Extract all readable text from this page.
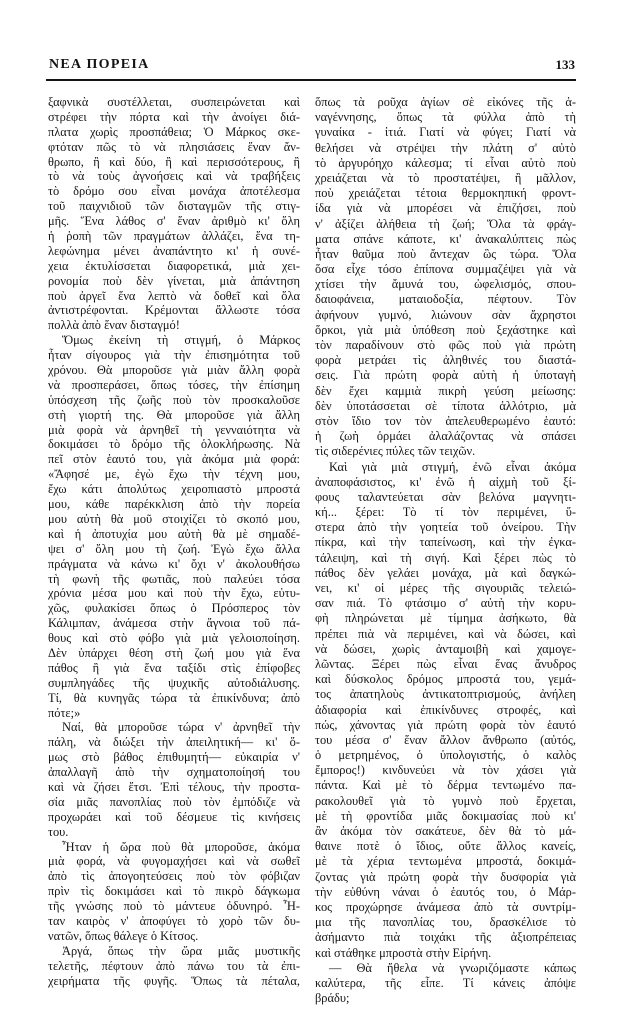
ΝΕΑ ΠΟΡΕΙΑ	133
ξαφνικὰ συστέλλεται, συσπειρώνεται καὶ
στρέφει τὴν πόρτα καὶ τὴν ἀνοίγει διά-
πλατα χωρὶς προσπάθεια; Ὁ Μάρκος σκε-
φτόταν πῶς τὸ νὰ πλησιάσεις ἕναν ἄν-
θρωπο, ἢ καὶ δύο, ἢ καὶ περισσότερους, ἢ
τὸ νὰ τοὺς ἀγνοήσεις καὶ νὰ τραβήξεις
τὸ δρόμο σου εἶναι μονάχα ἀποτέλεσμα
τοῦ παιχνιδιοῦ τῶν δισταγμῶν τῆς στιγ-
μῆς. Ἕνα λάθος σ' ἕναν ἀριθμὸ κι' ὅλη
ἡ ῥοπὴ τῶν πραγμάτων ἀλλάζει, ἕνα τη-
λεφώνημα μένει ἀναπάντητο κι' ἡ συνέ-
χεια ἐκτυλίσσεται διαφορετικά, μιὰ χει-
ρονομία ποὺ δὲν γίνεται, μιὰ ἀπάντηση
ποὺ ἀργεῖ ἕνα λεπτὸ νὰ δοθεῖ καὶ ὅλα
ἀντιστρέφονται. Κρέμονται ἄλλωστε τόσα
πολλὰ ἀπὸ ἕναν δισταγμό!
Ὅμως ἐκείνη τὴ στιγμή, ὁ Μάρκος
ἦταν σίγουρος γιὰ τὴν ἐπισημότητα τοῦ
χρόνου. Θὰ μποροῦσε γιὰ μιὰν ἄλλη φορὰ
νὰ προσπεράσει, ὅπως τόσες, τὴν ἐπίσημη
ὑπόσχεση τῆς ζωῆς ποὺ τὸν προσκαλοῦσε
στὴ γιορτή της. Θὰ μποροῦσε γιὰ ἄλλη
μιὰ φορὰ νὰ ἀρνηθεῖ τὴ γενναιότητα νὰ
δοκιμάσει τὸ δρόμο τῆς ὁλοκλήρωσης. Νὰ
πεῖ στὸν ἑαυτό του, γιὰ ἀκόμα μιὰ φορά:
«Ἄφησέ με, ἐγὼ ἔχω τὴν τέχνη μου,
ἔχω κάτι ἀπολύτως χειροπιαστὸ μπροστά
μου, κάθε παρέκκλιση ἀπὸ τὴν πορεία
μου αὐτὴ θὰ μοῦ στοιχίζει τὸ σκοπό μου,
καὶ ἡ ἀποτυχία μου αὐτὴ θὰ μὲ σημαδέ-
ψει σ' ὅλη μου τὴ ζωή. Ἐγὼ ἔχω ἄλλα
πράγματα νὰ κάνω κι' ὄχι ν' ἀκολουθήσω
τὴ φωνὴ τῆς φωτιᾶς, ποὺ παλεύει τόσα
χρόνια μέσα μου καὶ ποὺ τὴν ἔχω, εὐτυ-
χῶς, φυλακίσει ὅπως ὁ Πρόσπερος τὸν
Κάλιμπαν, ἀνάμεσα στὴν ἄγνοια τοῦ πά-
θους καὶ στὸ φόβο γιὰ μιὰ γελοιοποίηση.
Δὲν ὑπάρχει θέση στὴ ζωή μου γιὰ ἕνα
πάθος ἢ γιὰ ἕνα ταξίδι στὶς ἐπίφοβες
συμπληγάδες τῆς ψυχικῆς αὐτοδιάλυσης.
Τί, θὰ κυνηγᾶς τώρα τὰ ἐπικίνδυνα; ἀπὸ
πότε;»
Ναί, θὰ μποροῦσε τώρα ν' ἀρνηθεῖ τὴν
πάλη, νὰ διώξει τὴν ἀπειλητική— κι' ὅ-
μως στὸ βάθος ἐπιθυμητή— εὐκαιρία ν'
ἀπαλλαγῆ ἀπὸ τὴν σχηματοποίησή του
καὶ νὰ ζήσει ἔτσι. Ἐπὶ τέλους, τὴν προστα-
σία μιᾶς πανοπλίας ποὺ τὸν ἐμπόδιζε νὰ
προχωράει καὶ τοῦ δέσμευε τὶς κινήσεις
του.
Ἦταν ἡ ὥρα ποὺ θὰ μποροῦσε, ἀκόμα
μιὰ φορά, νὰ φυγομαχήσει καὶ νὰ σωθεῖ
ἀπὸ τὶς ἀπογοητεύσεις ποὺ τὸν φόβιζαν
πρὶν τὶς δοκιμάσει καὶ τὸ πικρὸ δάγκωμα
τῆς γνώσης ποὺ τὸ μάντευε ὀδυνηρό. Ἦ-
ταν καιρὸς ν' ἀποφύγει τὸ χορὸ τῶν δυ-
νατῶν, ὅπως θάλεγε ὁ Κίτσος.
Ἀργά, ὅπως τὴν ὥρα μιᾶς μυστικῆς
τελετῆς, πέφτουν ἀπὸ πάνω του τὰ ἐπι-
χειρήματα τῆς φυγῆς. Ὅπως τὰ πέταλα,
ὅπως τὰ ροῦχα ἁγίων σὲ εἰκόνες τῆς ἀ-
ναγέννησης, ὅπως τὰ φύλλα ἀπὸ τὴ
γυναίκα - ἰτιά. Γιατί νὰ φύγει; Γιατί νὰ
θελήσει νὰ στρέψει τὴν πλάτη σ' αὐτὸ
τὸ ἀργυρόηχο κάλεσμα; τί εἶναι αὐτὸ ποὺ
χρειάζεται νὰ τὸ προστατέψει, ἢ μᾶλλον,
ποὺ χρειάζεται τέτοια θερμοκηπική φροντ-
ίδα γιὰ νὰ μπορέσει νὰ ἐπιζήσει, ποὺ
ν' ἀξίζει ἀλήθεια τὴ ζωή; Ὅλα τὰ φράγ-
ματα σπάνε κάποτε, κι' ἀνακαλύπτεις πὼς
ἦταν θαῦμα ποὺ ἄντεχαν ὣς τώρα. Ὅλα
ὅσα εἶχε τόσο ἐπίπονα συμμαζέψει γιὰ νὰ
χτίσει τὴν ἄμυνά του, ὠφελισμός, σπου-
δαιοφάνεια, ματαιοδοξία, πέφτουν. Τὸν
ἀφήνουν γυμνό, λιώνουν σὰν ἄχρηστοι
ὅρκοι, γιὰ μιὰ ὑπόθεση ποὺ ξεχάστηκε καὶ
τὸν παραδίνουν στὸ φῶς ποὺ γιὰ πρώτη
φορὰ μετράει τὶς ἀληθινές του διαστά-
σεις. Γιὰ πρώτη φορὰ αὐτὴ ἡ ὑποταγὴ
δὲν ἔχει καμμιὰ πικρὴ γεύση μείωσης:
δὲν ὑποτάσσεται σὲ τίποτα ἀλλότριο, μὰ
στὸν ἴδιο τον τὸν ἀπελευθερωμένο ἑαυτό:
ἡ ζωὴ ὁρμάει ἀλαλάζοντας νὰ σπάσει
τὶς σιδερένιες πύλες τῶν τειχῶν.
Καὶ γιὰ μιὰ στιγμή, ἐνῶ εἶναι ἀκόμα
ἀναποφάσιστος, κι' ἐνῶ ἡ αἰχμὴ τοῦ ξί-
φους ταλαντεύεται σὰν βελόνα μαγνητι-
κή... ξέρει: Τὸ τί τὸν περιμένει, ὕ-
στερα ἀπὸ τὴν γοητεία τοῦ ὀνείρου. Τὴν
πίκρα, καὶ τὴν ταπείνωση, καὶ τὴν ἐγκα-
τάλειψη, καὶ τὴ σιγή. Καὶ ξέρει πὼς τὸ
πάθος δὲν γελάει μονάχα, μὰ καὶ δαγκώ-
νει, κι' οἱ μέρες τῆς σιγουριᾶς τελειώ-
σαν πιά. Τὸ φτάσιμο σ' αὐτὴ τὴν κορυ-
φὴ πληρώνεται μὲ τίμημα ἀσήκωτο, θὰ
πρέπει πιὰ νὰ περιμένει, καὶ νὰ δώσει, καὶ
νὰ δώσει, χωρὶς ἀνταμοιβὴ καὶ χαμογε-
λῶντας. Ξέρει πὼς εἶναι ἕνας ἄνυδρος
καὶ δύσκολος δρόμος μπροστά του, γεμά-
τος ἀπατηλοὺς ἀντικατοπτρισμούς, ἀνήλεη
ἀδιαφορία καὶ ἐπικίνδυνες στροφές, καὶ
πώς, χάνοντας γιὰ πρώτη φορὰ τὸν ἑαυτό
του μέσα σ' ἕναν ἄλλον ἄνθρωπο (αὐτός,
ὁ μετρημένος, ὁ ὑπολογιστής, ὁ καλὸς
ἔμπορος!) κινδυνεύει νὰ τὸν χάσει γιὰ
πάντα. Καὶ μὲ τὸ δέρμα τεντωμένο πα-
ρακολουθεῖ γιὰ τὸ γυμνὸ ποὺ ἔρχεται,
μὲ τὴ φροντίδα μιᾶς δοκιμασίας ποὺ κι'
ἂν ἀκόμα τὸν σακάτευε, δὲν θὰ τὸ μά-
θαινε ποτὲ ὁ ἴδιος, οὔτε ἄλλος κανείς,
μὲ τὰ χέρια τεντωμένα μπροστά, δοκιμά-
ζοντας γιὰ πρώτη φορὰ τὴν δυσφορία γιὰ
τὴν εὐθύνη νάναι ὁ ἑαυτός του, ὁ Μάρ-
κος προχώρησε ἀνάμεσα ἀπὸ τὰ συντρίμ-
μια τῆς πανοπλίας του, δρασκέλισε τὸ
ἀσήμαντο πιὰ τοιχάκι τῆς ἀξιοπρέπειας
καὶ στάθηκε μπροστὰ στὴν Εἰρήνη.
— Θὰ ἤθελα νὰ γνωριζόμαστε κάπως
καλύτερα, τῆς εἶπε. Τί κάνεις ἀπόψε
βράδυ;
